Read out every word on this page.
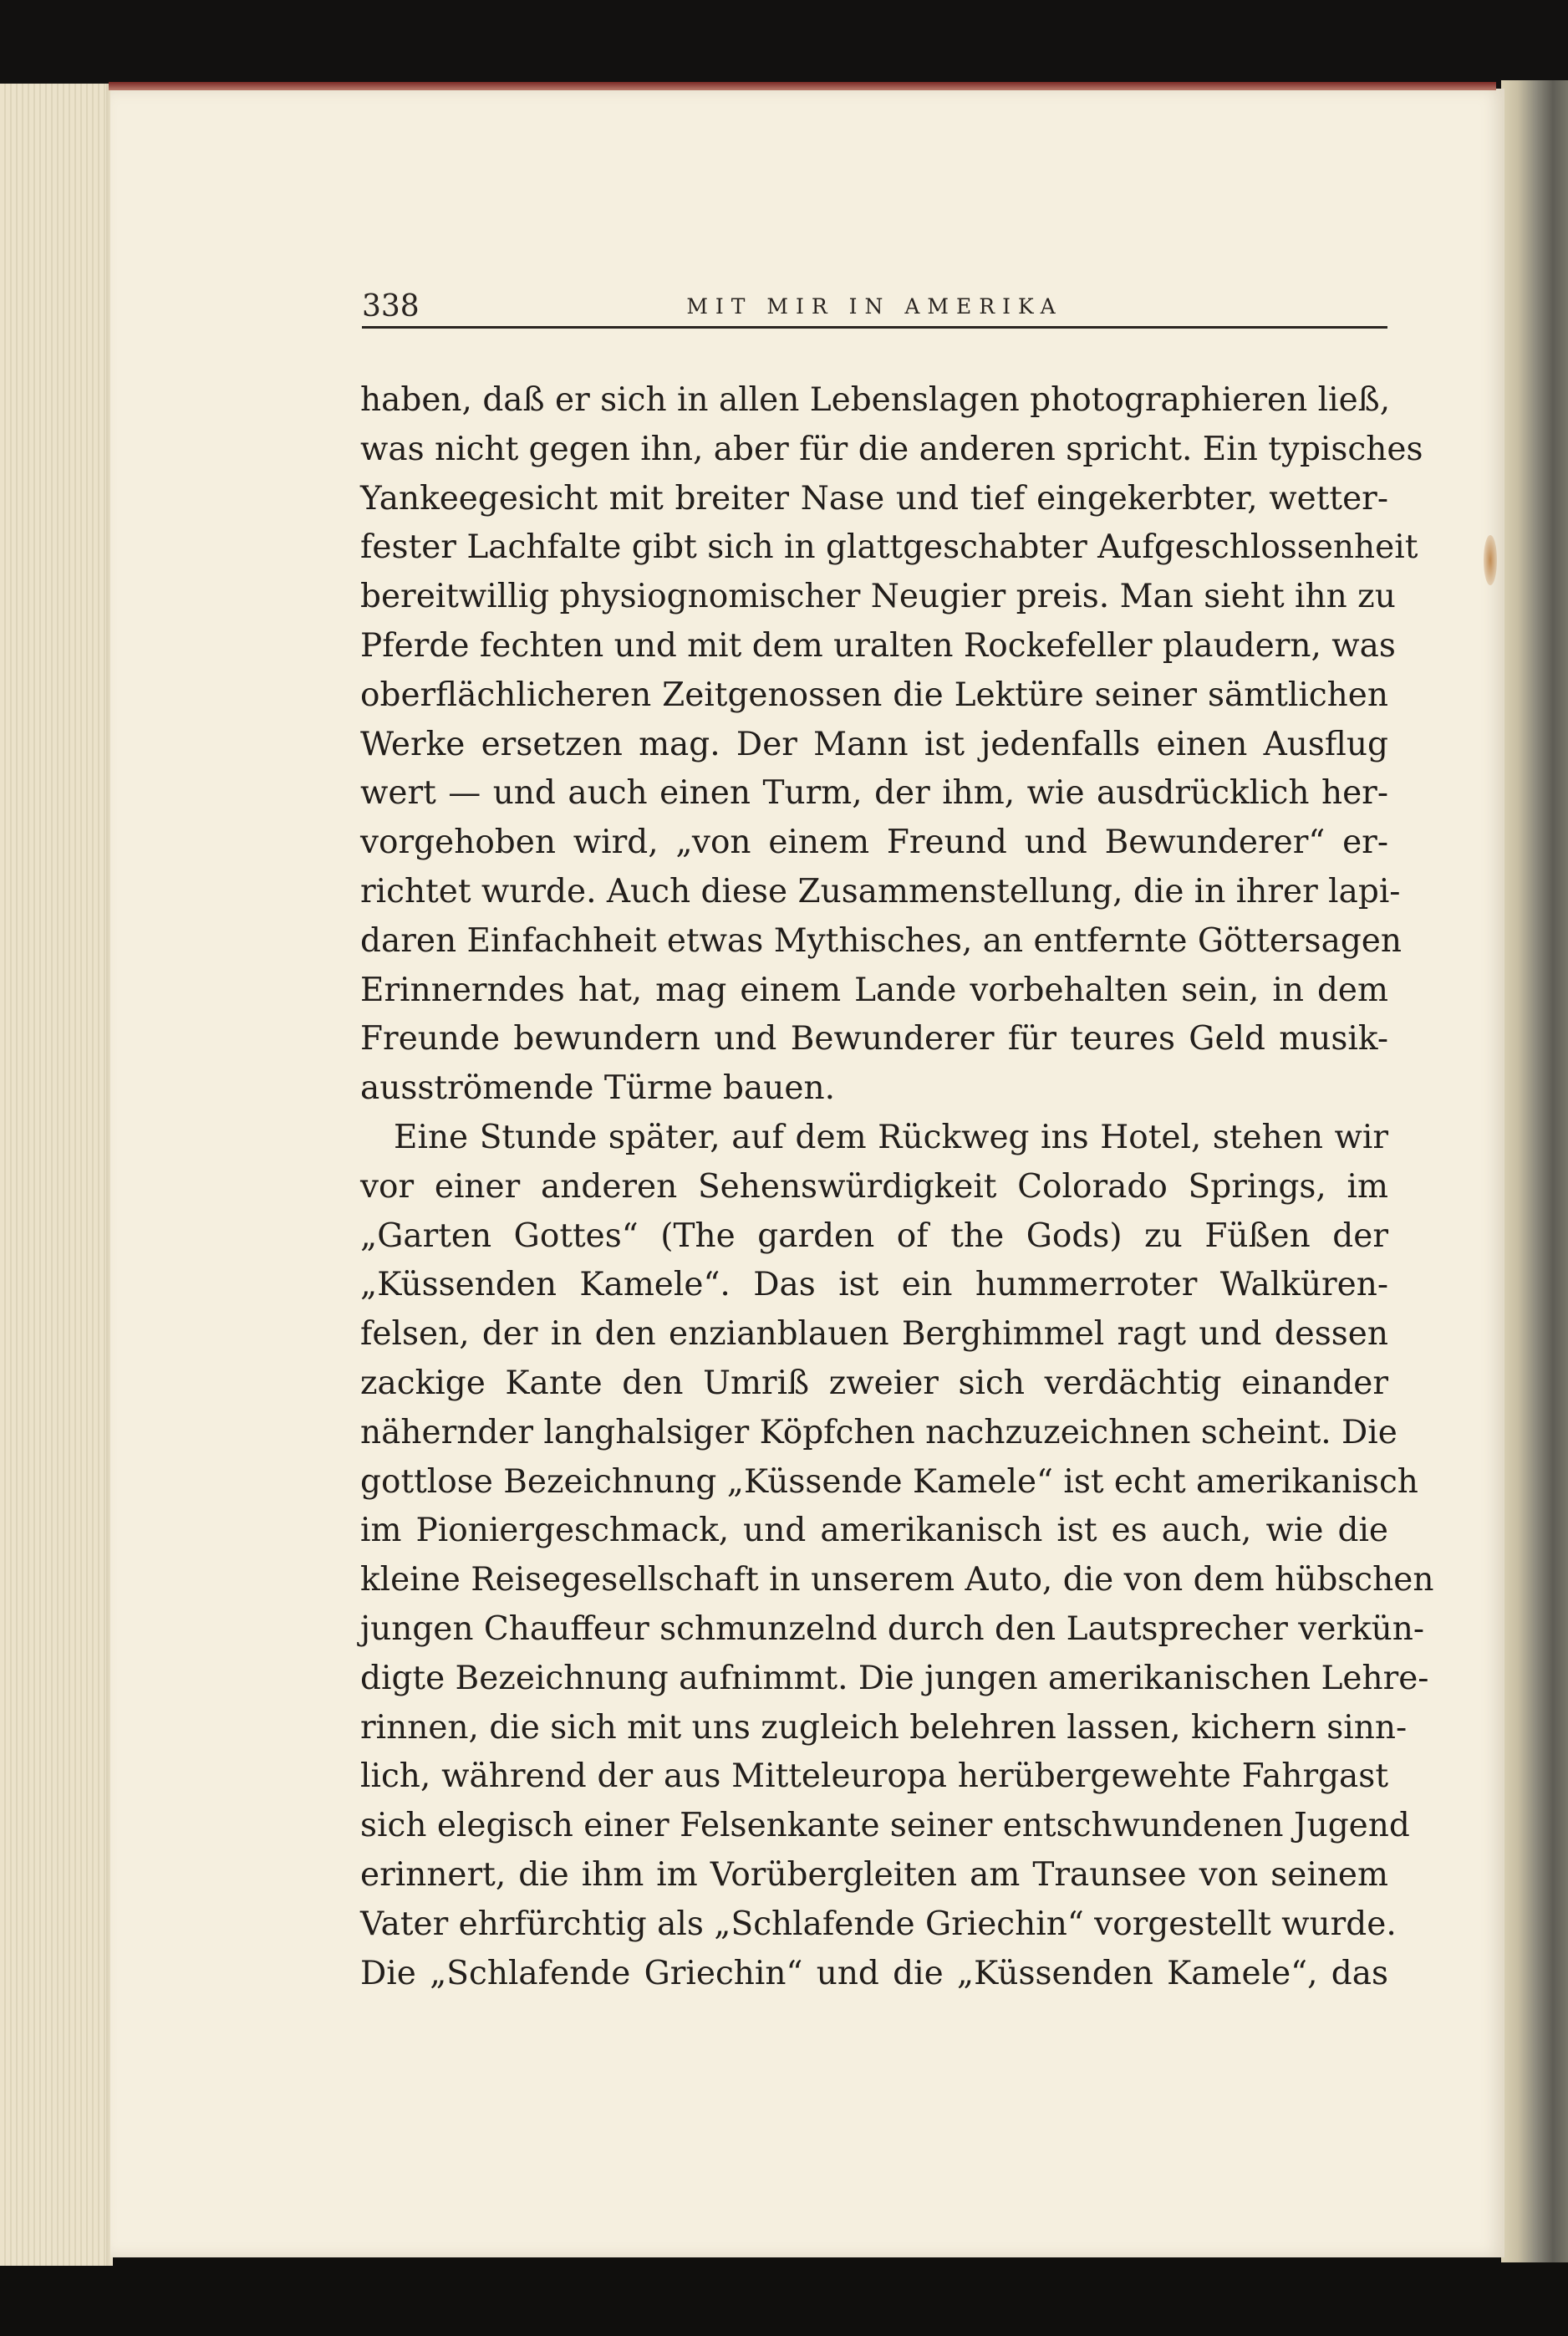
338	MIT MIR IN AMERIKA
haben, daß er sich in allen Lebenslagen photographieren ließ,
was nicht gegen ihn, aber für die anderen spricht. Ein typisches
Yankeegesicht mit breiter Nase und tief eingekerbter, wetter-
fester Lachfalte gibt sich in glattgeschabter Aufgeschlossenheit
bereitwillig physiognomischer Neugier preis. Man sieht ihn zu
Pferde fechten und mit dem uralten Rockefeller plaudern, was
oberflächlicheren Zeitgenossen die Lektüre seiner sämtlichen
Werke ersetzen mag. Der Mann ist jedenfalls einen Ausflug
wert — und auch einen Turm, der ihm, wie ausdrücklich her-
vorgehoben wird, „von einem Freund und Bewunderer“ er-
richtet wurde. Auch diese Zusammenstellung, die in ihrer lapi-
daren Einfachheit etwas Mythisches, an entfernte Göttersagen
Erinnerndes hat, mag einem Lande vorbehalten sein, in dem
Freunde bewundern und Bewunderer für teures Geld musik-
ausströmende Türme bauen.
Eine Stunde später, auf dem Rückweg ins Hotel, stehen wir
vor einer anderen Sehenswürdigkeit Colorado Springs, im
„Garten Gottes“ (The garden of the Gods) zu Füßen der
„Küssenden Kamele“. Das ist ein hummerroter Walküren-
felsen, der in den enzianblauen Berghimmel ragt und dessen
zackige Kante den Umriß zweier sich verdächtig einander
nähernder langhalsiger Köpfchen nachzuzeichnen scheint. Die
gottlose Bezeichnung „Küssende Kamele“ ist echt amerikanisch
im Pioniergeschmack, und amerikanisch ist es auch, wie die
kleine Reisegesellschaft in unserem Auto, die von dem hübschen
jungen Chauffeur schmunzelnd durch den Lautsprecher verkün-
digte Bezeichnung aufnimmt. Die jungen amerikanischen Lehre-
rinnen, die sich mit uns zugleich belehren lassen, kichern sinn-
lich, während der aus Mitteleuropa herübergewehte Fahrgast
sich elegisch einer Felsenkante seiner entschwundenen Jugend
erinnert, die ihm im Vorübergleiten am Traunsee von seinem
Vater ehrfürchtig als „Schlafende Griechin“ vorgestellt wurde.
Die „Schlafende Griechin“ und die „Küssenden Kamele“, das
